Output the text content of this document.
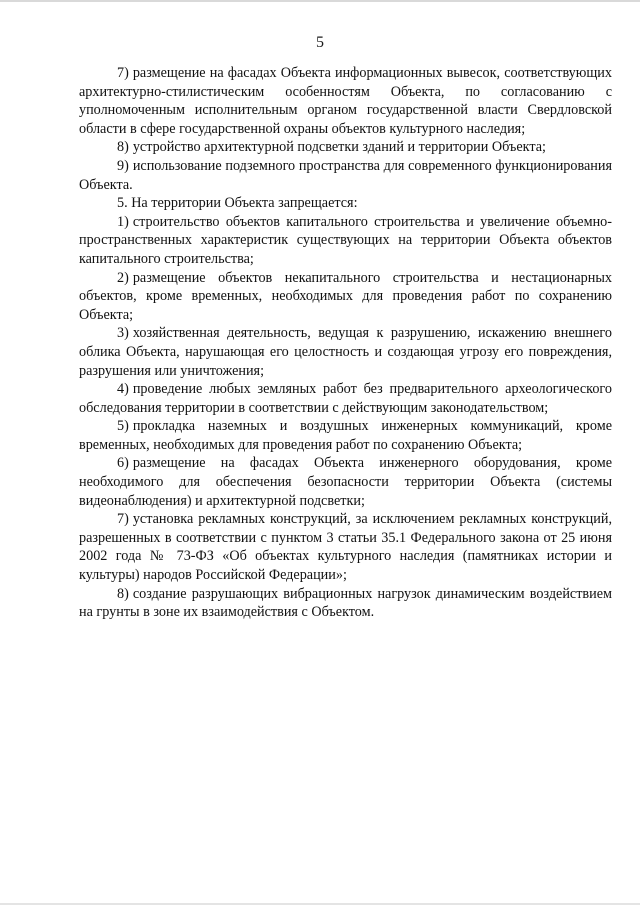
5

7) размещение на фасадах Объекта информационных вывесок, соответствующих архитектурно-стилистическим особенностям Объекта, по согласованию с уполномоченным исполнительным органом государственной власти Свердловской области в сфере государственной охраны объектов культурного наследия;

8) устройство архитектурной подсветки зданий и территории Объекта;

9) использование подземного пространства для современного функционирования Объекта.

5. На территории Объекта запрещается:

1) строительство объектов капитального строительства и увеличение объемно-пространственных характеристик существующих на территории Объекта объектов капитального строительства;

2) размещение объектов некапитального строительства и нестационарных объектов, кроме временных, необходимых для проведения работ по сохранению Объекта;

3) хозяйственная деятельность, ведущая к разрушению, искажению внешнего облика Объекта, нарушающая его целостность и создающая угрозу его повреждения, разрушения или уничтожения;

4) проведение любых земляных работ без предварительного археологического обследования территории в соответствии с действующим законодательством;

5) прокладка наземных и воздушных инженерных коммуникаций, кроме временных, необходимых для проведения работ по сохранению Объекта;

6) размещение на фасадах Объекта инженерного оборудования, кроме необходимого для обеспечения безопасности территории Объекта (системы видеонаблюдения) и архитектурной подсветки;

7) установка рекламных конструкций, за исключением рекламных конструкций, разрешенных в соответствии с пунктом 3 статьи 35.1 Федерального закона от 25 июня 2002 года № 73-ФЗ «Об объектах культурного наследия (памятниках истории и культуры) народов Российской Федерации»;

8) создание разрушающих вибрационных нагрузок динамическим воздействием на грунты в зоне их взаимодействия с Объектом.
